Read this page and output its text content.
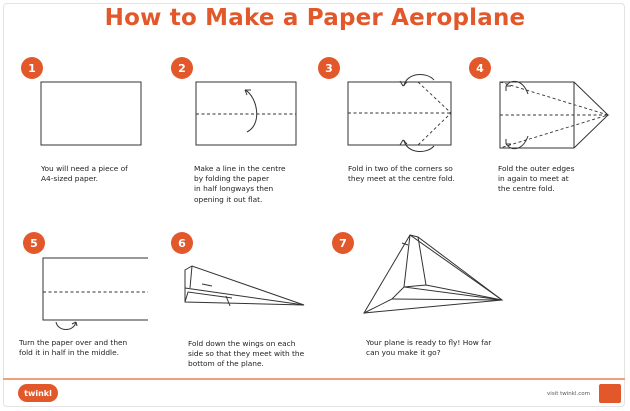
How to Make a Paper Aeroplane
1
You will need a piece of
A4-sized paper.
2
Make a line in the centre
by folding the paper
in half longways then
opening it out flat.
3
Fold in two of the corners so
they meet at the centre fold.
4
Fold the outer edges
in again to meet at
the centre fold.
5
Turn the paper over and then
fold it in half in the middle.
6
Fold down the wings on each
side so that they meet with the
bottom of the plane.
7
Your plane is ready to fly! How far
can you make it go?
twinkl	visit twinkl.com
